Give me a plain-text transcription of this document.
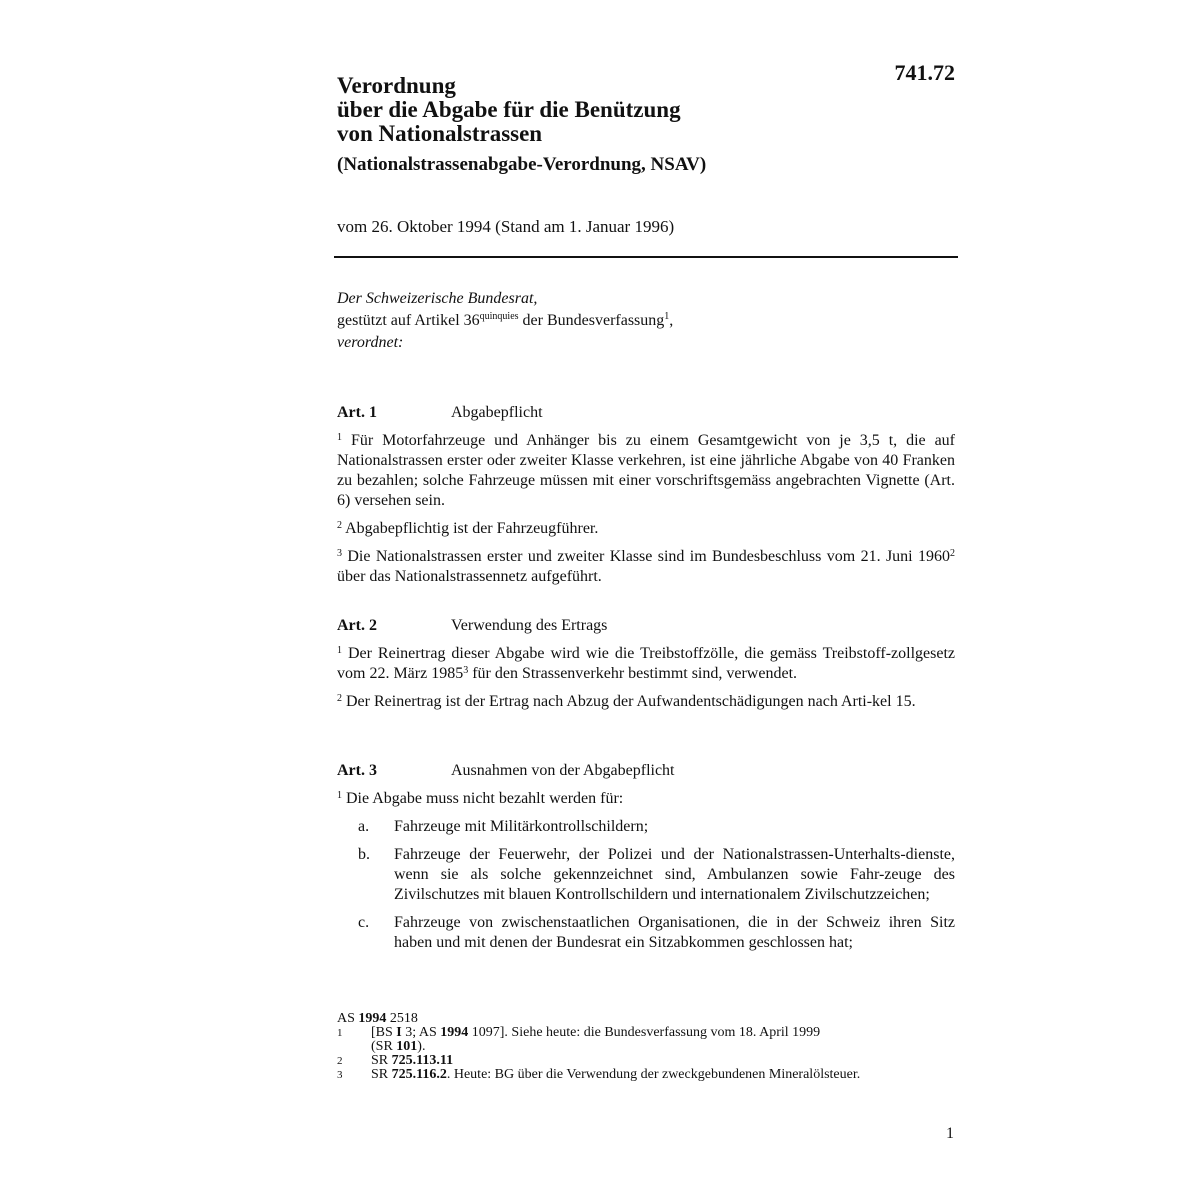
741.72
Verordnung
über die Abgabe für die Benützung
von Nationalstrassen
(Nationalstrassenabgabe-Verordnung, NSAV)
vom 26. Oktober 1994 (Stand am 1. Januar 1996)
Der Schweizerische Bundesrat,
gestützt auf Artikel $36^{quinquies}$ der Bundesverfassung$^1$,
verordnet:
Art. 1	Abgabepflicht
$^1$ Für Motorfahrzeuge und Anhänger bis zu einem Gesamtgewicht von je 3,5 t, die auf Nationalstrassen erster oder zweiter Klasse verkehren, ist eine jährliche Abgabe von 40 Franken zu bezahlen; solche Fahrzeuge müssen mit einer vorschriftsgemäss angebrachten Vignette (Art. 6) versehen sein.
$^2$ Abgabepflichtig ist der Fahrzeugführer.
$^3$ Die Nationalstrassen erster und zweiter Klasse sind im Bundesbeschluss vom 21. Juni 1960$^2$ über das Nationalstrassennetz aufgeführt.
Art. 2	Verwendung des Ertrags
$^1$ Der Reinertrag dieser Abgabe wird wie die Treibstoffzölle, die gemäss Treibstoff-zollgesetz vom 22. März 1985$^3$ für den Strassenverkehr bestimmt sind, verwendet.
$^2$ Der Reinertrag ist der Ertrag nach Abzug der Aufwandentschädigungen nach Arti-kel 15.
Art. 3	Ausnahmen von der Abgabepflicht
$^1$ Die Abgabe muss nicht bezahlt werden für:
a.	Fahrzeuge mit Militärkontrollschildern;
b.	Fahrzeuge der Feuerwehr, der Polizei und der Nationalstrassen-Unterhalts-dienste, wenn sie als solche gekennzeichnet sind, Ambulanzen sowie Fahr-zeuge des Zivilschutzes mit blauen Kontrollschildern und internationalem Zivilschutzzeichen;
c.	Fahrzeuge von zwischenstaatlichen Organisationen, die in der Schweiz ihren Sitz haben und mit denen der Bundesrat ein Sitzabkommen geschlossen hat;
AS 1994 2518
1	[BS I 3; AS 1994 1097]. Siehe heute: die Bundesverfassung vom 18. April 1999
(SR 101).
2	SR 725.113.11
3	SR 725.116.2. Heute: BG über die Verwendung der zweckgebundenen Mineralölsteuer.
1
